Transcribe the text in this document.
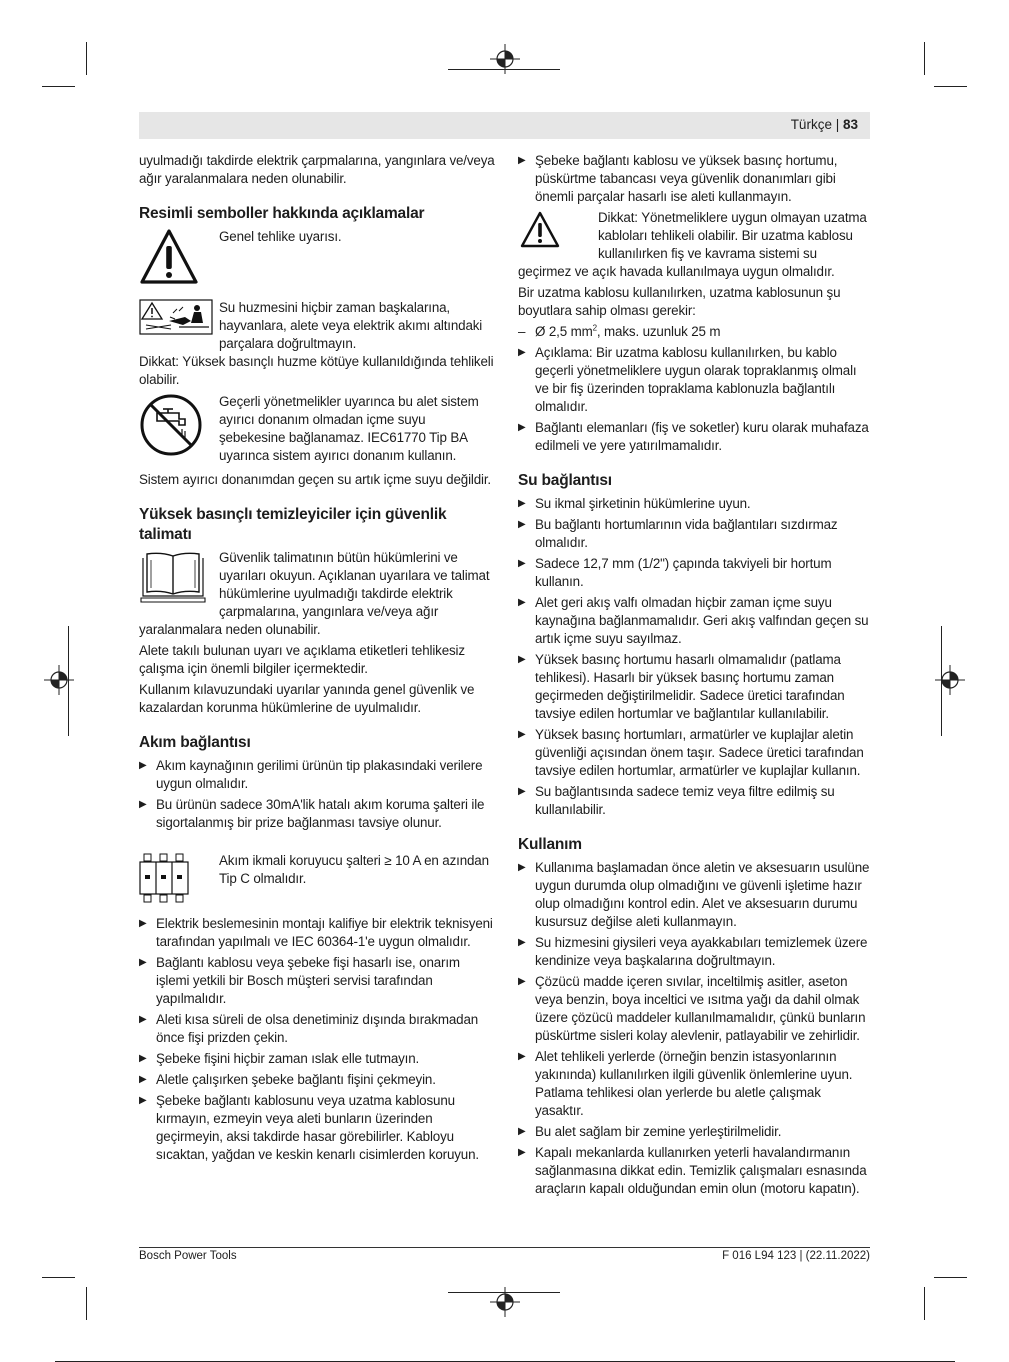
Türkçe | 83

uyulmadığı takdirde elektrik çarpmalarına, yangınlara ve/veya ağır yaralanmalara neden olunabilir.

Resimli semboller hakkında açıklamalar
Genel tehlike uyarısı.
Su huzmesini hiçbir zaman başkalarına, hayvanlara, alete veya elektrik akımı altındaki parçalara doğrultmayın.

Dikkat: Yüksek basınçlı huzme kötüye kullanıldığında tehlikeli olabilir.

Geçerli yönetmelikler uyarınca bu alet sistem ayırıcı donanım olmadan içme suyu şebekesine bağlanamaz. IEC61770 Tip BA uyarınca sistem ayırıcı donanım kullanın.

Sistem ayırıcı donanımdan geçen su artık içme suyu değildir.

Yüksek basınçlı temizleyiciler için güvenlik talimatı

Güvenlik talimatının bütün hükümlerini ve uyarıları okuyun. Açıklanan uyarılara ve talimat hükümlerine uyulmadığı takdirde elektrik çarpmalarına, yangınlara ve/veya ağır yaralanmalara neden olunabilir.

Alete takılı bulunan uyarı ve açıklama etiketleri tehlikesiz çalışma için önemli bilgiler içermektedir.

Kullanım kılavuzundaki uyarılar yanında genel güvenlik ve kazalardan korunma hükümlerine de uyulmalıdır.

Akım bağlantısı
▶ Akım kaynağının gerilimi ürünün tip plakasındaki verilere uygun olmalıdır.
▶ Bu ürünün sadece 30mA'lik hatalı akım koruma şalteri ile sigortalanmış bir prize bağlanması tavsiye olunur.
Akım ikmali koruyucu şalteri ≥ 10 A en azından Tip C olmalıdır.
▶ Elektrik beslemesinin montajı kalifiye bir elektrik teknisyeni tarafından yapılmalı ve IEC 60364-1'e uygun olmalıdır.
▶ Bağlantı kablosu veya şebeke fişi hasarlı ise, onarım işlemi yetkili bir Bosch müşteri servisi tarafından yapılmalıdır.
▶ Aleti kısa süreli de olsa denetiminiz dışında bırakmadan önce fişi prizden çekin.
▶ Şebeke fişini hiçbir zaman ıslak elle tutmayın.
▶ Aletle çalışırken şebeke bağlantı fişini çekmeyin.
▶ Şebeke bağlantı kablosunu veya uzatma kablosunu kırmayın, ezmeyin veya aleti bunların üzerinden geçirmeyin, aksi takdirde hasar görebilirler. Kabloyu sıcaktan, yağdan ve keskin kenarlı cisimlerden koruyun.
▶ Şebeke bağlantı kablosu ve yüksek basınç hortumu, püskürtme tabancası veya güvenlik donanımları gibi önemli parçalar hasarlı ise aleti kullanmayın.

Dikkat: Yönetmeliklere uygun olmayan uzatma kabloları tehlikeli olabilir. Bir uzatma kablosu kullanılırken fiş ve kavrama sistemi su geçirmez ve açık havada kullanılmaya uygun olmalıdır.

Bir uzatma kablosu kullanılırken, uzatma kablosunun şu boyutlara sahip olması gerekir:

– Ø 2,5 $mm^2$, maks. uzunluk 25 m
▶ Açıklama: Bir uzatma kablosu kullanılırken, bu kablo geçerli yönetmeliklere uygun olarak topraklanmış olmalı ve bir fiş üzerinden topraklama kablonuzla bağlantılı olmalıdır.
▶ Bağlantı elemanları (fiş ve soketler) kuru olarak muhafaza edilmeli ve yere yatırılmamalıdır.
Su bağlantısı
▶ Su ikmal şirketinin hükümlerine uyun.
▶ Bu bağlantı hortumlarının vida bağlantıları sızdırmaz olmalıdır.
▶ Sadece 12,7 mm (1/2") çapında takviyeli bir hortum kullanın.
▶ Alet geri akış valfı olmadan hiçbir zaman içme suyu kaynağına bağlanmamalıdır. Geri akış valfından geçen su artık içme suyu sayılmaz.
▶ Yüksek basınç hortumu hasarlı olmamalıdır (patlama tehlikesi). Hasarlı bir yüksek basınç hortumu zaman geçirmeden değiştirilmelidir. Sadece üretici tarafından tavsiye edilen hortumlar ve bağlantılar kullanılabilir.
▶ Yüksek basınç hortumları, armatürler ve kuplajlar aletin güvenliği açısından önem taşır. Sadece üretici tarafından tavsiye edilen hortumlar, armatürler ve kuplajlar kullanın.
▶ Su bağlantısında sadece temiz veya filtre edilmiş su kullanılabilir.
Kullanım
▶ Kullanıma başlamadan önce aletin ve aksesuarın usulüne uygun durumda olup olmadığını ve güvenli işletime hazır olup olmadığını kontrol edin. Alet ve aksesuarın durumu kusursuz değilse aleti kullanmayın.
▶ Su hizmesini giysileri veya ayakkabıları temizlemek üzere kendinize veya başkalarına doğrultmayın.
▶ Çözücü madde içeren sıvılar, inceltilmiş asitler, aseton veya benzin, boya inceltici ve ısıtma yağı da dahil olmak üzere çözücü maddeler kullanılmamalıdır, çünkü bunların püskürtme sisleri kolay alevlenir, patlayabilir ve zehirlidir.
▶ Alet tehlikeli yerlerde (örneğin benzin istasyonlarının yakınında) kullanılırken ilgili güvenlik önlemlerine uyun. Patlama tehlikesi olan yerlerde bu aletle çalışmak yasaktır.
▶ Bu alet sağlam bir zemine yerleştirilmelidir.
▶ Kapalı mekanlarda kullanırken yeterli havalandırmanın sağlanmasına dikkat edin. Temizlik çalışmaları esnasında araçların kapalı olduğundan emin olun (motoru kapatın).
Bosch Power Tools	F 016 L94 123 | (22.11.2022)
